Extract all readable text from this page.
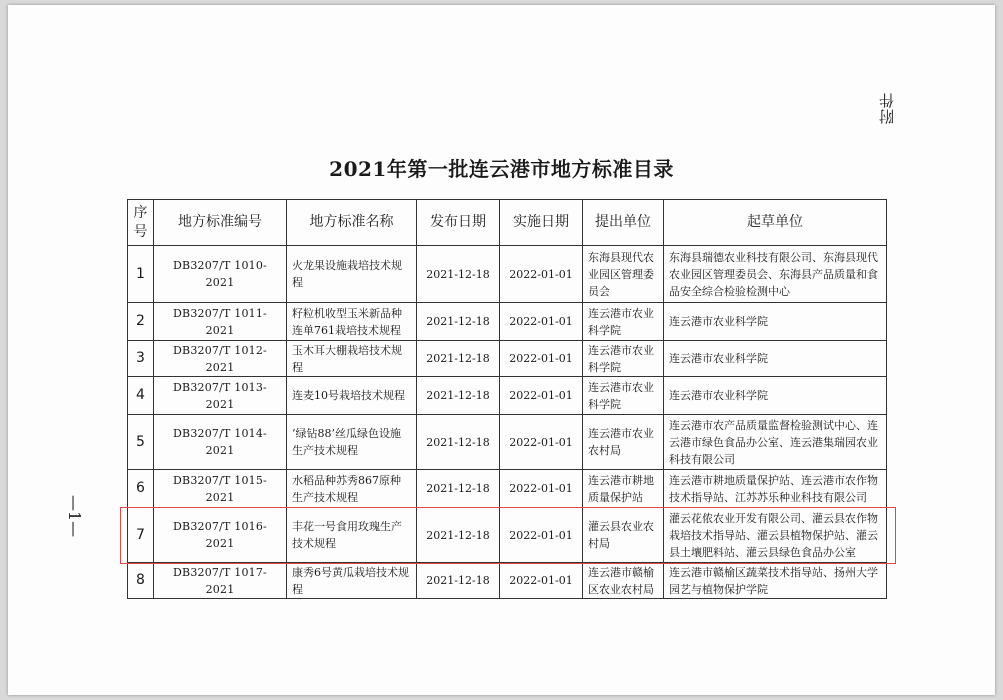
附件
2021年第一批连云港市地方标准目录
—1—
序号	地方标准编号	地方标准名称	发布日期	实施日期	提出单位	起草单位
1	DB3207/T 1010-2021	火龙果设施栽培技术规程	2021-12-18	2022-01-01	东海县现代农业园区管理委员会	东海县瑞德农业科技有限公司、东海县现代农业园区管理委员会、东海县产品质量和食品安全综合检验检测中心
2	DB3207/T 1011-2021	籽粒机收型玉米新品种连单761栽培技术规程	2021-12-18	2022-01-01	连云港市农业科学院	连云港市农业科学院
3	DB3207/T 1012-2021	玉木耳大棚栽培技术规程	2021-12-18	2022-01-01	连云港市农业科学院	连云港市农业科学院
4	DB3207/T 1013-2021	连麦10号栽培技术规程	2021-12-18	2022-01-01	连云港市农业科学院	连云港市农业科学院
5	DB3207/T 1014-2021	‘绿钻88’丝瓜绿色设施生产技术规程	2021-12-18	2022-01-01	连云港市农业农村局	连云港市农产品质量监督检验测试中心、连云港市绿色食品办公室、连云港集瑞园农业科技有限公司
6	DB3207/T 1015-2021	水稻品种苏秀867原种生产技术规程	2021-12-18	2022-01-01	连云港市耕地质量保护站	连云港市耕地质量保护站、连云港市农作物技术指导站、江苏苏乐种业科技有限公司
7	DB3207/T 1016-2021	丰花一号食用玫瑰生产技术规程	2021-12-18	2022-01-01	灌云县农业农村局	灌云花侬农业开发有限公司、灌云县农作物栽培技术指导站、灌云县植物保护站、灌云县土壤肥料站、灌云县绿色食品办公室
8	DB3207/T 1017-2021	康秀6号黄瓜栽培技术规程	2021-12-18	2022-01-01	连云港市赣榆区农业农村局	连云港市赣榆区蔬菜技术指导站、扬州大学园艺与植物保护学院
